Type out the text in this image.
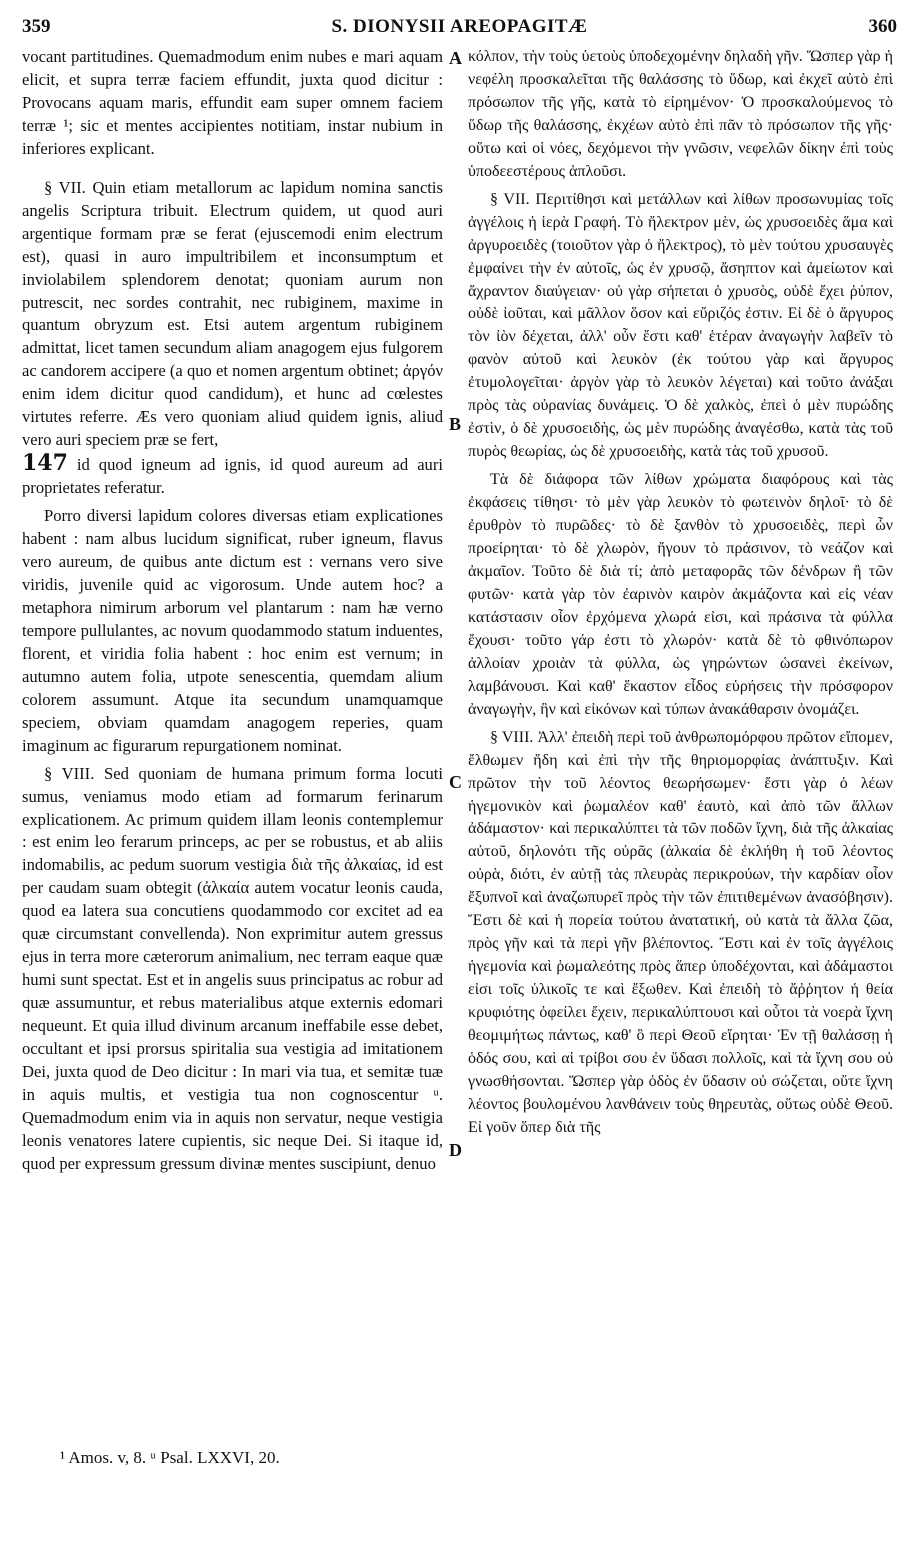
359	S. DIONYSII AREOPAGITÆ	360

vocant partitudines. Quemadmodum enim nubes e mari aquam elicit, et supra terræ faciem effundit, juxta quod dicitur : Provocans aquam maris, effundit eam super omnem faciem terræ ¹; sic et mentes accipientes notitiam, instar nubium in inferiores explicant.

§ VII. Quin etiam metallorum ac lapidum nomina sanctis angelis Scriptura tribuit. Electrum quidem, ut quod auri argentique formam præ se ferat (ejuscemodi enim electrum est), quasi in auro impultribilem et inconsumptum et inviolabilem splendorem denotat; quoniam aurum non putrescit, nec sordes contrahit, nec rubiginem, maxime in quantum obryzum est. Etsi autem argentum rubiginem admittat, licet tamen secundum aliam anagogem ejus fulgorem ac candorem accipere (a quo et nomen argentum obtinet; ἀργόν enim idem dicitur quod candidum), et hunc ad cœlestes virtutes referre. Æs vero quoniam aliud quidem ignis, aliud vero auri speciem præ se fert,

147 id quod igneum ad ignis, id quod aureum ad auri proprietates referatur.

Porro diversi lapidum colores diversas etiam explicationes habent : nam albus lucidum significat, ruber igneum, flavus vero aureum, de quibus ante dictum est : vernans vero sive viridis, juvenile quid ac vigorosum. Unde autem hoc? a metaphora nimirum arborum vel plantarum : nam hæ verno tempore pullulantes, ac novum quodammodo statum induentes, florent, et viridia folia habent : hoc enim est vernum; in autumno autem folia, utpote senescentia, quemdam alium colorem assumunt. Atque ita secundum unamquamque speciem, obviam quamdam anagogem reperies, quam imaginum ac figurarum repurgationem nominat.

§ VIII. Sed quoniam de humana primum forma locuti sumus, veniamus modo etiam ad formarum ferinarum explicationem. Ac primum quidem illam leonis contemplemur : est enim leo ferarum princeps, ac per se robustus, et ab aliis indomabilis, ac pedum suorum vestigia διὰ τῆς ἀλκαίας, id est per caudam suam obtegit (ἀλκαία autem vocatur leonis cauda, quod ea latera sua concutiens quodammodo cor excitet ad ea quæ circumstant convellenda). Non exprimitur autem gressus ejus in terra more cæterorum animalium, nec terram eaque quæ humi sunt spectat. Est et in angelis suus principatus ac robur ad quæ assumuntur, et rebus materialibus atque externis edomari nequeunt. Et quia illud divinum arcanum ineffabile esse debet, occultant et ipsi prorsus spiritalia sua vestigia ad imitationem Dei, juxta quod de Deo dicitur : In mari via tua, et semitæ tuæ in aquis multis, et vestigia tua non cognoscentur ᵘ. Quemadmodum enim via in aquis non servatur, neque vestigia leonis venatores latere cupientis, sic neque Dei. Si itaque id, quod per expressum gressum divinæ mentes suscipiunt, denuo

A
B
C
D

κόλπον, τὴν τοὺς ὑετοὺς ὑποδεχομένην δηλαδὴ γῆν. Ὥσπερ γὰρ ἡ νεφέλη προσκαλεῖται τῆς θαλάσσης τὸ ὕδωρ, καὶ ἐκχεῖ αὐτὸ ἐπὶ πρόσωπον τῆς γῆς, κατὰ τὸ εἰρημένον· Ὁ προσκαλούμενος τὸ ὕδωρ τῆς θαλάσσης, ἐκχέων αὐτὸ ἐπὶ πᾶν τὸ πρόσωπον τῆς γῆς· οὕτω καὶ οἱ νόες, δεχόμενοι τὴν γνῶσιν, νεφελῶν δίκην ἐπὶ τοὺς ὑποδεεστέρους ἁπλοῦσι.

§ VII. Περιτίθησι καὶ μετάλλων καὶ λίθων προσωνυμίας τοῖς ἀγγέλοις ἡ ἱερὰ Γραφή. Τὸ ἤλεκτρον μὲν, ὡς χρυσοειδὲς ἅμα καὶ ἀργυροειδὲς (τοιοῦτον γὰρ ὁ ἤλεκτρος), τὸ μὲν τούτου χρυσαυγὲς ἐμφαίνει τὴν ἐν αὐτοῖς, ὡς ἐν χρυσῷ, ἄσηπτον καὶ ἀμείωτον καὶ ἄχραντον διαύγειαν· οὐ γὰρ σήπεται ὁ χρυσὸς, οὐδὲ ἔχει ῥύπον, οὐδὲ ἰοῦται, καὶ μᾶλλον ὅσον καὶ εὔριζός ἐστιν. Εἰ δὲ ὁ ἄργυρος τὸν ἰὸν δέχεται, ἀλλ' οὖν ἔστι καθ' ἑτέραν ἀναγωγὴν λαβεῖν τὸ φανὸν αὐτοῦ καὶ λευκὸν (ἐκ τούτου γὰρ καὶ ἄργυρος ἐτυμολογεῖται· ἀργὸν γὰρ τὸ λευκὸν λέγεται) καὶ τοῦτο ἀνάξαι πρὸς τὰς οὐρανίας δυνάμεις. Ὁ δὲ χαλκὸς, ἐπεὶ ὁ μὲν πυρώδης ἐστὶν, ὁ δὲ χρυσοειδὴς, ὡς μὲν πυρώδης ἀναγέσθω, κατὰ τὰς τοῦ πυρὸς θεωρίας, ὡς δὲ χρυσοειδὴς, κατὰ τὰς τοῦ χρυσοῦ.

Τὰ δὲ διάφορα τῶν λίθων χρώματα διαφόρους καὶ τὰς ἐκφάσεις τίθησι· τὸ μὲν γὰρ λευκὸν τὸ φωτεινὸν δηλοῖ· τὸ δὲ ἐρυθρὸν τὸ πυρῶδες· τὸ δὲ ξανθὸν τὸ χρυσοειδὲς, περὶ ὧν προείρηται· τὸ δὲ χλωρὸν, ἤγουν τὸ πράσινον, τὸ νεάζον καὶ ἀκμαῖον. Τοῦτο δὲ διὰ τί; ἀπὸ μεταφορᾶς τῶν δένδρων ἢ τῶν φυτῶν· κατὰ γὰρ τὸν ἐαρινὸν καιρὸν ἀκμάζοντα καὶ εἰς νέαν κατάστασιν οἷον ἐρχόμενα χλωρά εἰσι, καὶ πράσινα τὰ φύλλα ἔχουσι· τοῦτο γάρ ἐστι τὸ χλωρόν· κατὰ δὲ τὸ φθινόπωρον ἀλλοίαν χροιὰν τὰ φύλλα, ὡς γηρώντων ὡσανεὶ ἐκείνων, λαμβάνουσι. Καὶ καθ' ἕκαστον εἶδος εὑρήσεις τὴν πρόσφορον ἀναγωγὴν, ἣν καὶ εἰκόνων καὶ τύπων ἀνακάθαρσιν ὀνομάζει.

§ VIII. Ἀλλ' ἐπειδὴ περὶ τοῦ ἀνθρωπομόρφου πρῶτον εἴπομεν, ἔλθωμεν ἤδη καὶ ἐπὶ τὴν τῆς θηριομορφίας ἀνάπτυξιν. Καὶ πρῶτον τὴν τοῦ λέοντος θεωρήσωμεν· ἔστι γὰρ ὁ λέων ἡγεμονικὸν καὶ ῥωμαλέον καθ' ἑαυτὸ, καὶ ἀπὸ τῶν ἄλλων ἀδάμαστον· καὶ περικαλύπτει τὰ τῶν ποδῶν ἴχνη, διὰ τῆς ἀλκαίας αὐτοῦ, δηλονότι τῆς οὐρᾶς (ἀλκαία δὲ ἐκλήθη ἡ τοῦ λέοντος οὐρὰ, διότι, ἐν αὐτῇ τὰς πλευρὰς περικρούων, τὴν καρδίαν οἷον ἔξυπνοῖ καὶ ἀναζωπυρεῖ πρὸς τὴν τῶν ἐπιτιθεμένων ἀνασόβησιν). Ἔστι δὲ καὶ ἡ πορεία τούτου ἀνατατική, οὐ κατὰ τὰ ἄλλα ζῶα, πρὸς γῆν καὶ τὰ περὶ γῆν βλέποντος. Ἔστι καὶ ἐν τοῖς ἀγγέλοις ἡγεμονία καὶ ῥωμαλεότης πρὸς ἅπερ ὑποδέχονται, καὶ ἀδάμαστοι εἰσι τοῖς ὑλικοῖς τε καὶ ἔξωθεν. Καὶ ἐπειδὴ τὸ ἄῤῥητον ἡ θεία κρυφιότης ὀφείλει ἔχειν, περικαλύπτουσι καὶ οὗτοι τὰ νοερὰ ἴχνη θεομιμήτως πάντως, καθ' ὃ περὶ Θεοῦ εἴρηται· Ἐν τῇ θαλάσσῃ ἡ ὁδός σου, καὶ αἱ τρίβοι σου ἐν ὕδασι πολλοῖς, καὶ τὰ ἴχνη σου οὐ γνωσθήσονται. Ὥσπερ γὰρ ὁδὸς ἐν ὕδασιν οὐ σώζεται, οὔτε ἴχνη λέοντος βουλομένου λανθάνειν τοὺς θηρευτὰς, οὕτως οὐδὲ Θεοῦ. Εἰ γοῦν ὅπερ διὰ τῆς

¹ Amos. v, 8. ᵘ Psal. LXXVI, 20.
